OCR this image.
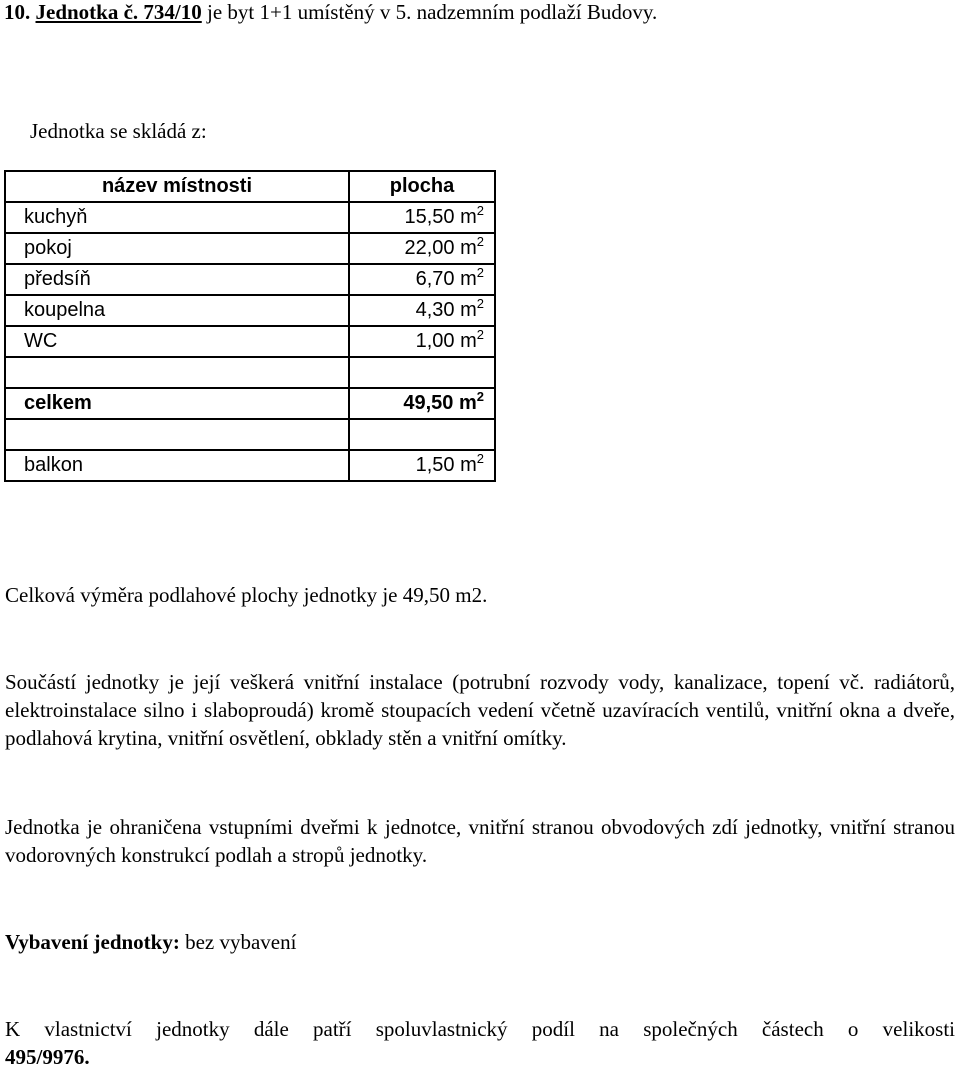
10. Jednotka č. 734/10 je byt 1+1 umístěný v 5. nadzemním podlaží Budovy.
Jednotka se skládá z:
název místnosti	plocha
kuchyň	15,50 $m^2$
pokoj	22,00 $m^2$
předsíň	6,70 $m^2$
koupelna	4,30 $m^2$
WC	1,00 $m^2$

celkem	49,50 $m^2$

balkon	1,50 $m^2$
Celková výměra podlahové plochy jednotky je 49,50 m2.
Součástí jednotky je její veškerá vnitřní instalace (potrubní rozvody vody, kanalizace, topení vč. radiátorů, elektroinstalace silno i slaboproudá) kromě stoupacích vedení včetně uzavíracích ventilů, vnitřní okna a dveře, podlahová krytina, vnitřní osvětlení, obklady stěn a vnitřní omítky.
Jednotka je ohraničena vstupními dveřmi k jednotce, vnitřní stranou obvodových zdí jednotky, vnitřní stranou vodorovných konstrukcí podlah a stropů jednotky.
Vybavení jednotky: bez vybavení
K vlastnictví jednotky dále patří spoluvlastnický podíl na společných částech o velikosti
495/9976.
